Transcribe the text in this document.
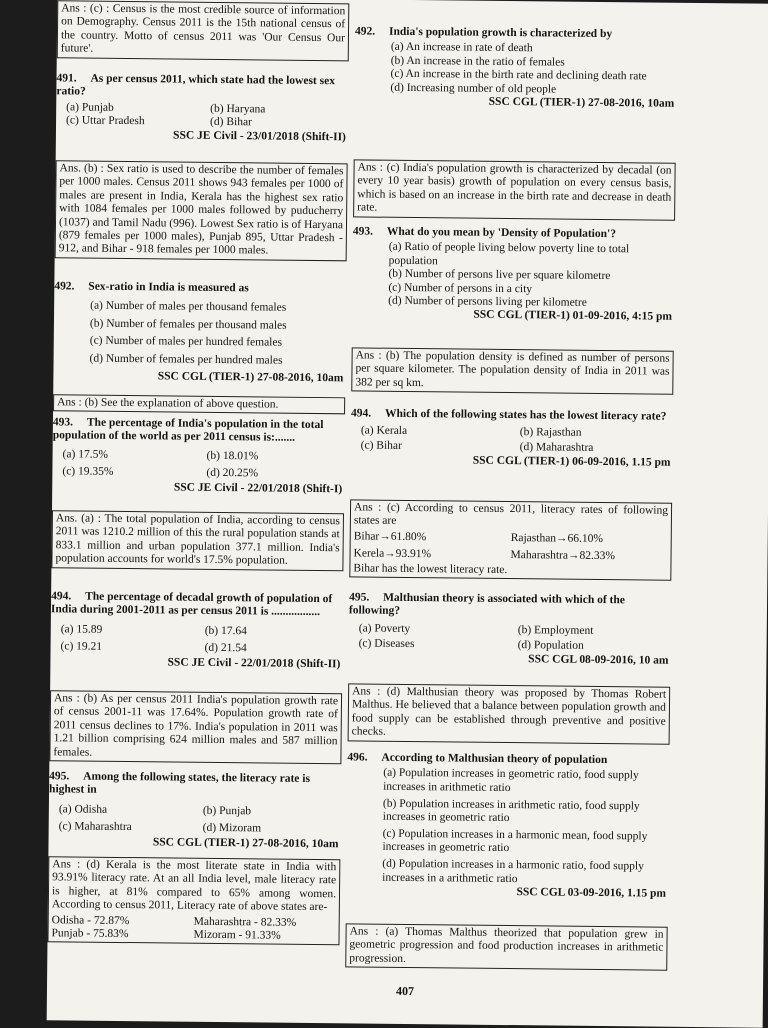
Ans : (c) : Census is the most credible source of information on Demography. Census 2011 is the 15th national census of the country. Motto of census 2011 was 'Our Census Our future'.
491. As per census 2011, which state had the lowest sex ratio?
(a) Punjab	(b) Haryana
(c) Uttar Pradesh	(d) Bihar
SSC JE Civil - 23/01/2018 (Shift-II)
Ans. (b) : Sex ratio is used to describe the number of females per 1000 males. Census 2011 shows 943 females per 1000 of males are present in India, Kerala has the highest sex ratio with 1084 females per 1000 males followed by puducherry (1037) and Tamil Nadu (996). Lowest Sex ratio is of Haryana (879 females per 1000 males), Punjab 895, Uttar Pradesh - 912, and Bihar - 918 females per 1000 males.
492. Sex-ratio in India is measured as
(a) Number of males per thousand females
(b) Number of females per thousand males
(c) Number of males per hundred females
(d) Number of females per hundred males
SSC CGL (TIER-1) 27-08-2016, 10am
Ans : (b) See the explanation of above question.
493. The percentage of India's population in the total population of the world as per 2011 census is:.......
(a) 17.5%	(b) 18.01%
(c) 19.35%	(d) 20.25%
SSC JE Civil - 22/01/2018 (Shift-I)
Ans. (a) : The total population of India, according to census 2011 was 1210.2 million of this the rural population stands at 833.1 million and urban population 377.1 million. India's population accounts for world's 17.5% population.
494. The percentage of decadal growth of population of India during 2001-2011 as per census 2011 is .................
(a) 15.89	(b) 17.64
(c) 19.21	(d) 21.54
SSC JE Civil - 22/01/2018 (Shift-II)
Ans : (b) As per census 2011 India's population growth rate of census 2001-11 was 17.64%. Population growth rate of 2011 census declines to 17%. India's population in 2011 was 1.21 billion comprising 624 million males and 587 million females.
495. Among the following states, the literacy rate is highest in
(a) Odisha	(b) Punjab
(c) Maharashtra	(d) Mizoram
SSC CGL (TIER-1) 27-08-2016, 10am
Ans : (d) Kerala is the most literate state in India with 93.91% literacy rate. At an all India level, male literacy rate is higher, at 81% compared to 65% among women. According to census 2011, Literacy rate of above states are-
Odisha - 72.87%	Maharashtra - 82.33%
Punjab - 75.83%	Mizoram - 91.33%
492. India's population growth is characterized by
(a) An increase in rate of death
(b) An increase in the ratio of females
(c) An increase in the birth rate and declining death rate
(d) Increasing number of old people
SSC CGL (TIER-1) 27-08-2016, 10am
Ans : (c) India's population growth is characterized by decadal (on every 10 year basis) growth of population on every census basis, which is based on an increase in the birth rate and decrease in death rate.
493. What do you mean by 'Density of Population'?
(a) Ratio of people living below poverty line to total population
(b) Number of persons live per square kilometre
(c) Number of persons in a city
(d) Number of persons living per kilometre
SSC CGL (TIER-1) 01-09-2016, 4:15 pm
Ans : (b) The population density is defined as number of persons per square kilometer. The population density of India in 2011 was 382 per sq km.
494. Which of the following states has the lowest literacy rate?
(a) Kerala	(b) Rajasthan
(c) Bihar	(d) Maharashtra
SSC CGL (TIER-1) 06-09-2016, 1.15 pm
Ans : (c) According to census 2011, literacy rates of following states are
Bihar→61.80%	Rajasthan→66.10%
Kerela→93.91%	Maharashtra→82.33%
Bihar has the lowest literacy rate.
495. Malthusian theory is associated with which of the following?
(a) Poverty	(b) Employment
(c) Diseases	(d) Population
SSC CGL 08-09-2016, 10 am
Ans : (d) Malthusian theory was proposed by Thomas Robert Malthus. He believed that a balance between population growth and food supply can be established through preventive and positive checks.
496. According to Malthusian theory of population
(a) Population increases in geometric ratio, food supply increases in arithmetic ratio
(b) Population increases in arithmetic ratio, food supply increases in geometric ratio
(c) Population increases in a harmonic mean, food supply increases in geometric ratio
(d) Population increases in a harmonic ratio, food supply increases in a arithmetic ratio
SSC CGL 03-09-2016, 1.15 pm
Ans : (a) Thomas Malthus theorized that population grew in geometric progression and food production increases in arithmetic progression.
407
